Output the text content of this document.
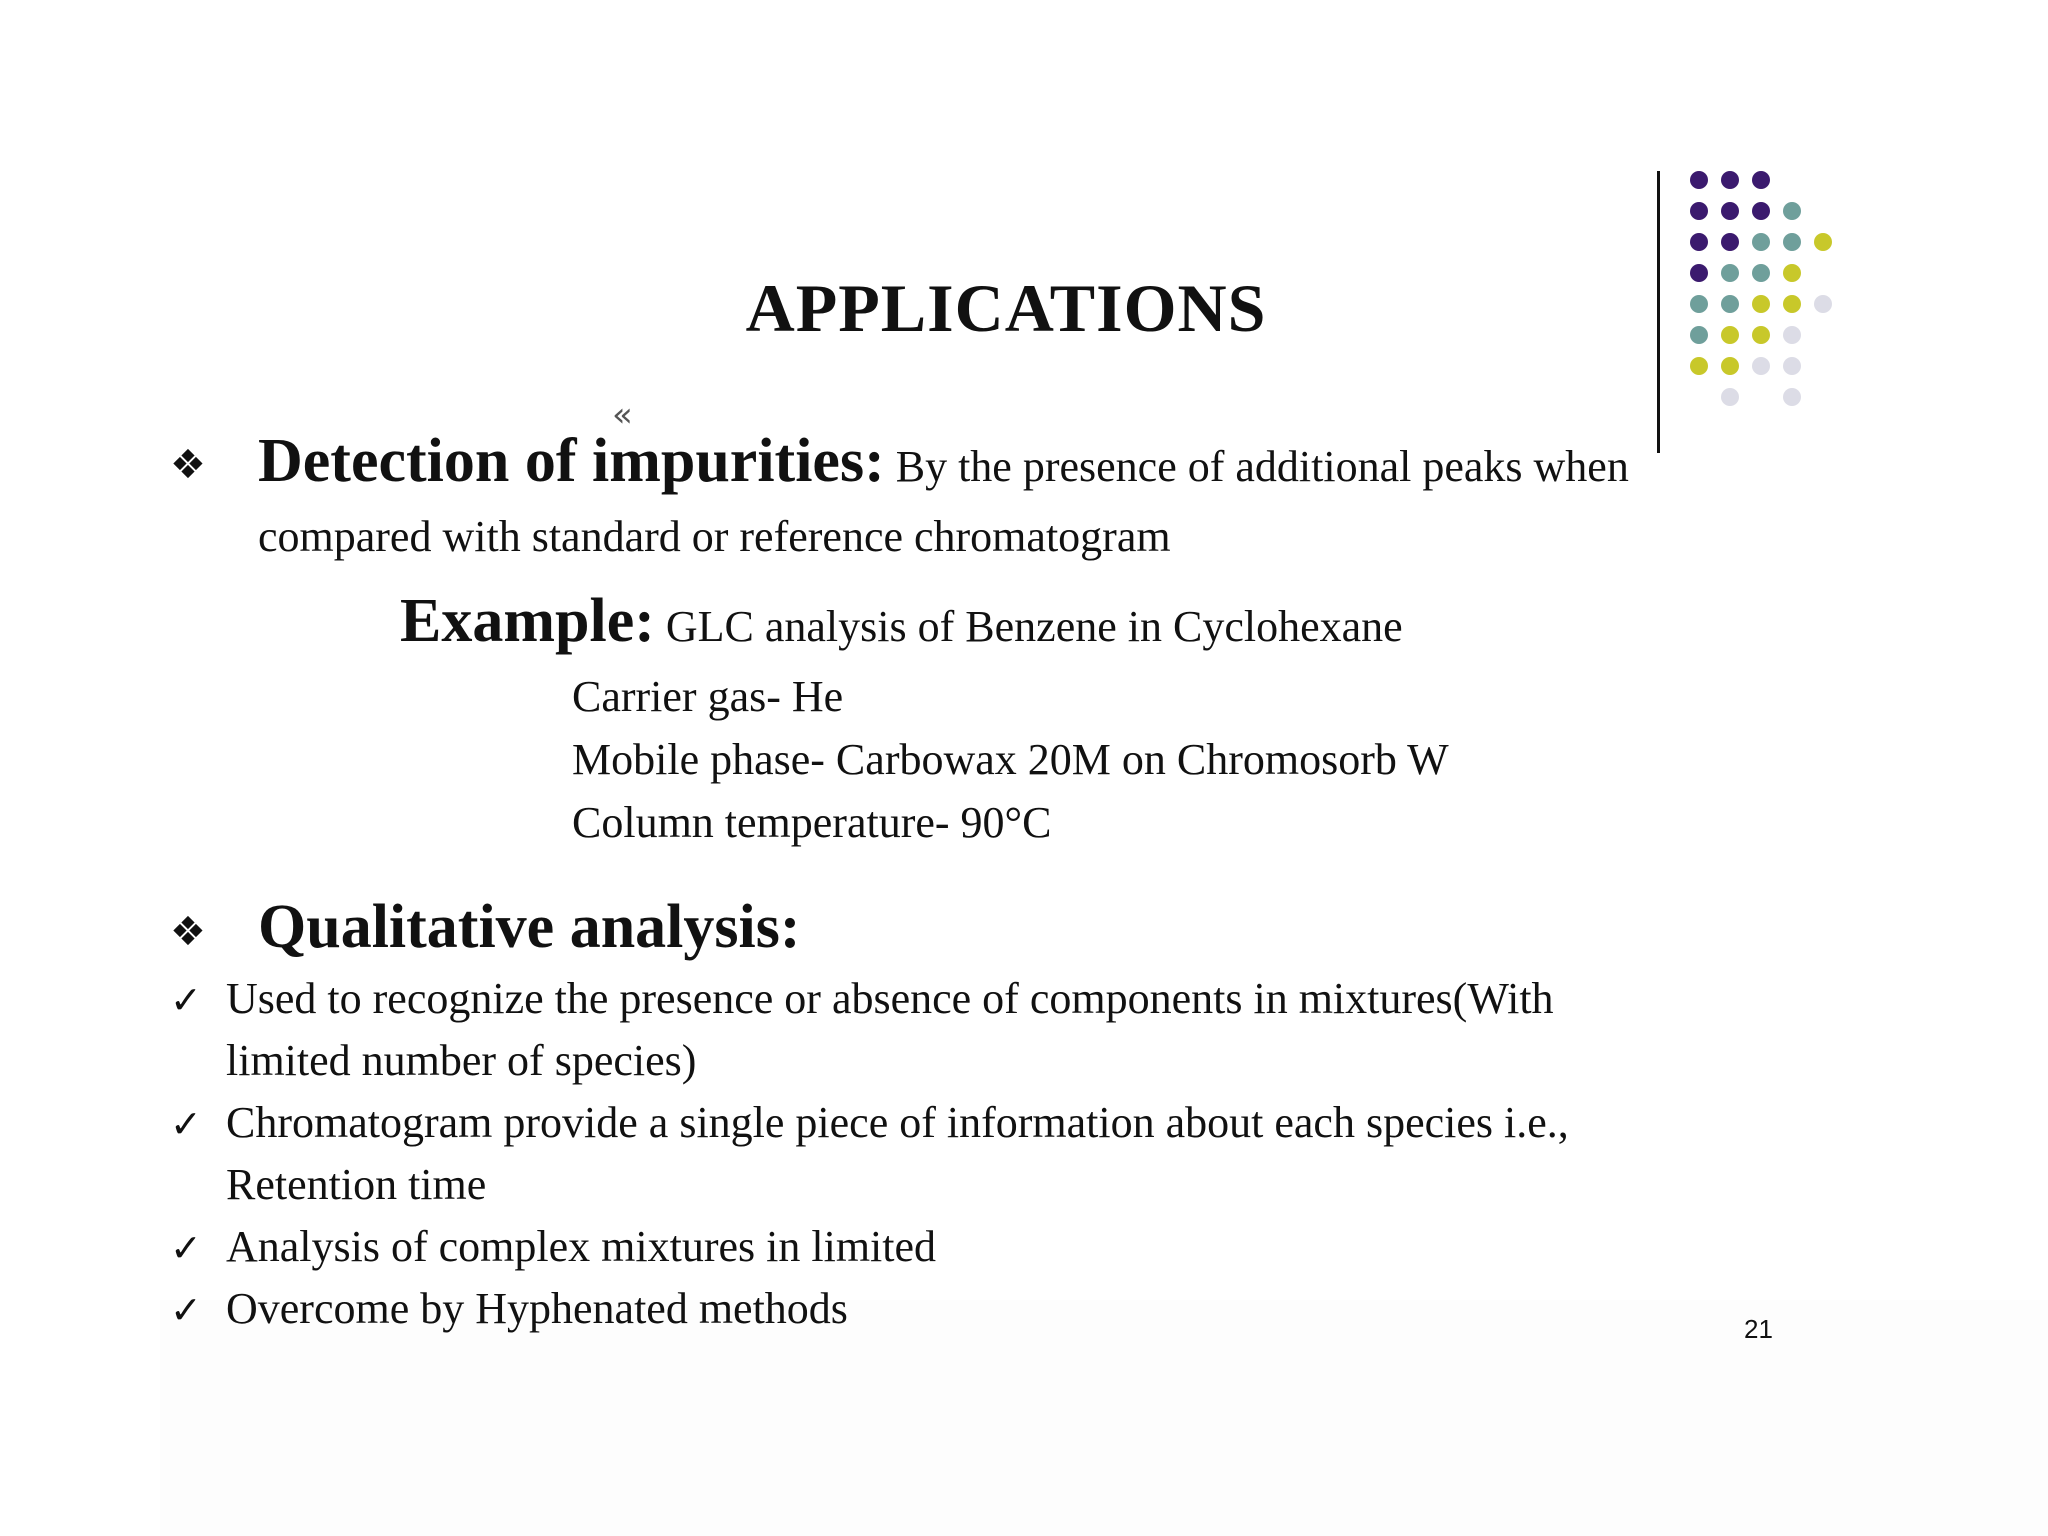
APPLICATIONS
«
❖ Detection of impurities: By the presence of additional peaks when
compared with standard or reference chromatogram
Example: GLC analysis of Benzene in Cyclohexane
Carrier gas- He
Mobile phase- Carbowax 20M on Chromosorb W
Column temperature- 90°C
❖ Qualitative analysis:
✓ Used to recognize the presence or absence of components in mixtures(With
limited number of species)
✓ Chromatogram provide a single piece of information about each species i.e.,
Retention time
✓ Analysis of complex mixtures in limited
✓ Overcome by Hyphenated methods	21
